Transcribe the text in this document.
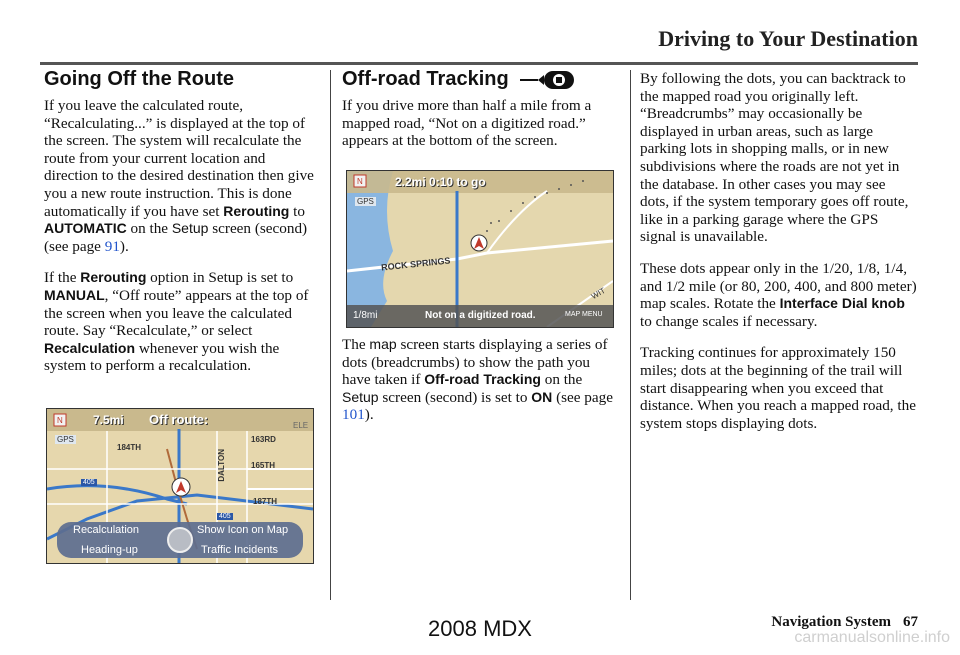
Driving to Your Destination
Going Off the Route

If you leave the calculated route, “Recalculating...” is displayed at the top of the screen. The system will recalculate the route from your current location and direction to the desired destination then give you a new route instruction. This is done automatically if you have set Rerouting to AUTOMATIC on the Setup screen (second) (see page 91).

If the Rerouting option in Setup is set to MANUAL, “Off route” appears at the top of the screen when you leave the calculated route. Say “Recalculate,” or select Recalculation whenever you wish the system to perform a recalculation.

N	7.5mi Off route:
GPS
184TH
163RD
165TH
187TH
DALTON
ELE
405
405
Recalculation	Show Icon on Map
Heading-up	Traffic Incidents
Off-road Tracking

If you drive more than half a mile from a mapped road, “Not on a digitized road.” appears at the bottom of the screen.

N	2.2mi 0:10 to go
GPS
ROCK SPRINGS
WIT
1/8mi	Not on a digitized road.	MAP MENU

The map screen starts displaying a series of dots (breadcrumbs) to show the path you have taken if Off-road Tracking on the Setup screen (second) is set to ON (see page 101).

By following the dots, you can backtrack to the mapped road you originally left. “Breadcrumbs” may occasionally be displayed in urban areas, such as large parking lots in shopping malls, or in new subdivisions where the roads are not yet in the database. In other cases you may see dots, if the system temporary goes off route, like in a parking garage where the GPS signal is unavailable.

These dots appear only in the 1/20, 1/8, 1/4, and 1/2 mile (or 80, 200, 400, and 800 meter) map scales. Rotate the Interface Dial knob to change scales if necessary.

Tracking continues for approximately 150 miles; dots at the beginning of the trail will start disappearing when you exceed that distance. When you reach a mapped road, the system stops displaying dots.

Navigation System 67
2008 MDX	carmanualsonline.info
